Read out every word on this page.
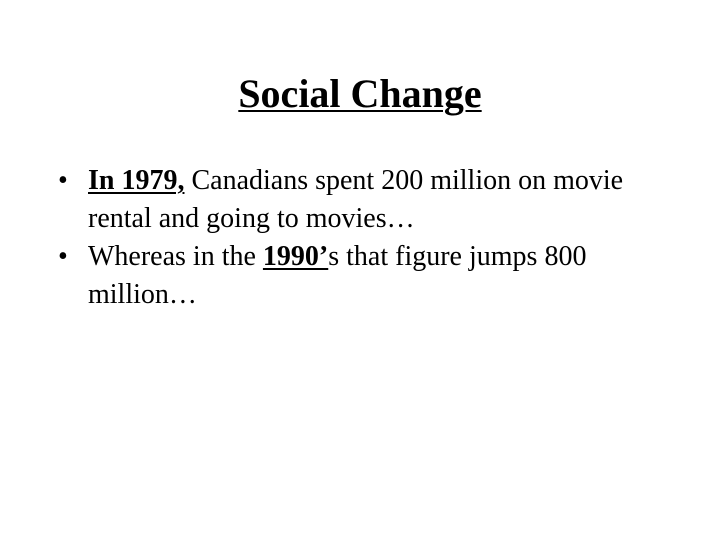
Social Change
• In 1979, Canadians spent 200 million on movie rental and going to movies…
• Whereas in the 1990’s that figure jumps 800 million…
